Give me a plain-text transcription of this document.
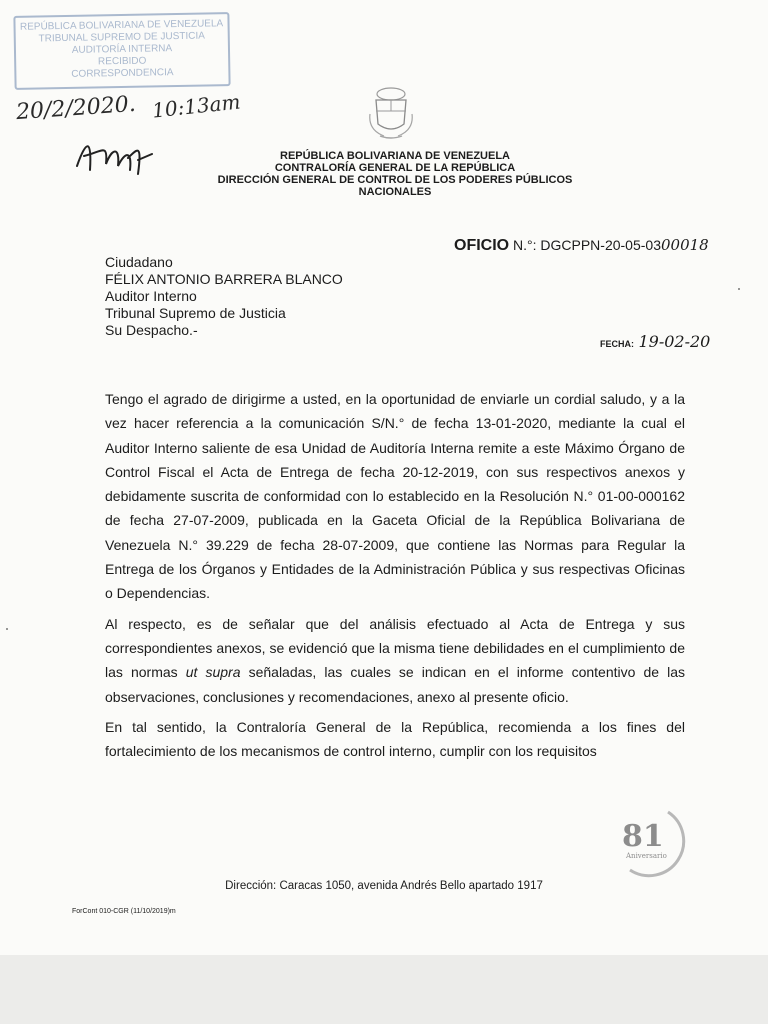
REPÚBLICA BOLIVARIANA DE VENEZUELA
TRIBUNAL SUPREMO DE JUSTICIA
AUDITORÍA INTERNA
RECIBIDO
CORRESPONDENCIA
20/2/2020. 10:13am
REPÚBLICA BOLIVARIANA DE VENEZUELA
CONTRALORÍA GENERAL DE LA REPÚBLICA
DIRECCIÓN GENERAL DE CONTROL DE LOS PODERES PÚBLICOS
NACIONALES
OFICIO N.°: DGCPPN-20-05-0300018
Ciudadano
FÉLIX ANTONIO BARRERA BLANCO
Auditor Interno
Tribunal Supremo de Justicia
Su Despacho.-
FECHA: 19-02-20

Tengo el agrado de dirigirme a usted, en la oportunidad de enviarle un cordial saludo, y a la vez hacer referencia a la comunicación S/N.° de fecha 13-01-2020, mediante la cual el Auditor Interno saliente de esa Unidad de Auditoría Interna remite a este Máximo Órgano de Control Fiscal el Acta de Entrega de fecha 20-12-2019, con sus respectivos anexos y debidamente suscrita de conformidad con lo establecido en la Resolución N.° 01-00-000162 de fecha 27-07-2009, publicada en la Gaceta Oficial de la República Bolivariana de Venezuela N.° 39.229 de fecha 28-07-2009, que contiene las Normas para Regular la Entrega de los Órganos y Entidades de la Administración Pública y sus respectivas Oficinas o Dependencias.

Al respecto, es de señalar que del análisis efectuado al Acta de Entrega y sus correspondientes anexos, se evidenció que la misma tiene debilidades en el cumplimiento de las normas ut supra señaladas, las cuales se indican en el informe contentivo de las observaciones, conclusiones y recomendaciones, anexo al presente oficio.

En tal sentido, la Contraloría General de la República, recomienda a los fines del fortalecimiento de los mecanismos de control interno, cumplir con los requisitos

81
Aniversario
Dirección: Caracas 1050, avenida Andrés Bello apartado 1917
ForCont 010-CGR (11/10/2019)m
